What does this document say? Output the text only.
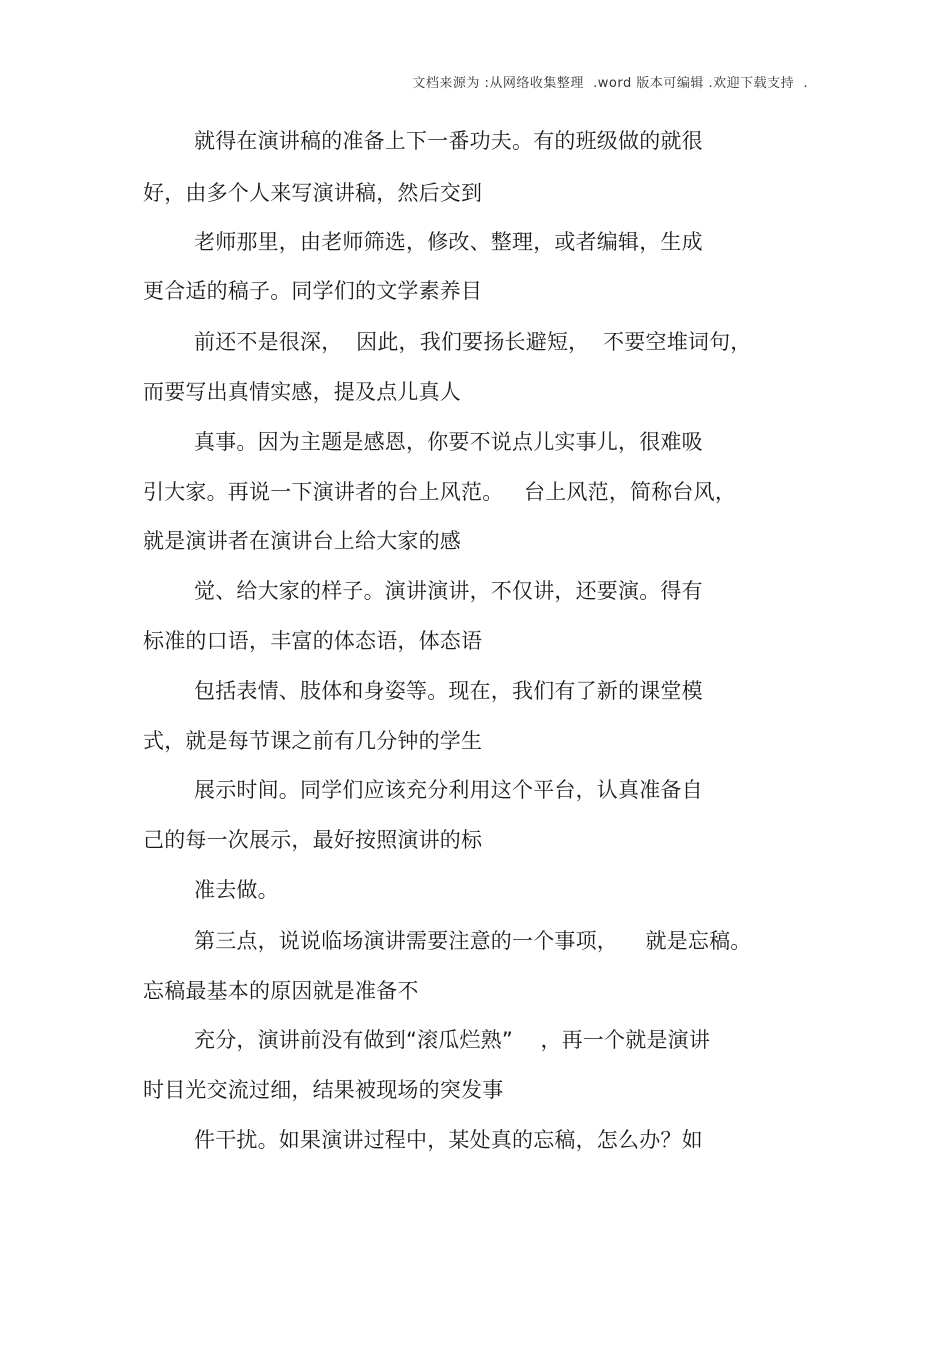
文档来源为 :从网络收集整理  .word 版本可编辑 .欢迎下载支持  .
就得在演讲稿的准备上下一番功夫。有的班级做的就很
好，由多个人来写演讲稿，然后交到
老师那里，由老师筛选，修改、整理，或者编辑，生成
更合适的稿子。同学们的文学素养目
前还不是很深，  因此，我们要扬长避短，  不要空堆词句，
而要写出真情实感，提及点儿真人
真事。因为主题是感恩，你要不说点儿实事儿，很难吸
引大家。再说一下演讲者的台上风范。   台上风范，简称台风，
就是演讲者在演讲台上给大家的感
觉、给大家的样子。演讲演讲，不仅讲，还要演。得有
标准的口语，丰富的体态语，体态语
包括表情、肢体和身姿等。现在，我们有了新的课堂模
式，就是每节课之前有几分钟的学生
展示时间。同学们应该充分利用这个平台，认真准备自
己的每一次展示，最好按照演讲的标
准去做。
第三点，说说临场演讲需要注意的一个事项，    就是忘稿。
忘稿最基本的原因就是准备不
充分，演讲前没有做到“滚瓜烂熟”    ，再一个就是演讲
时目光交流过细，结果被现场的突发事
件干扰。如果演讲过程中，某处真的忘稿，怎么办？如
